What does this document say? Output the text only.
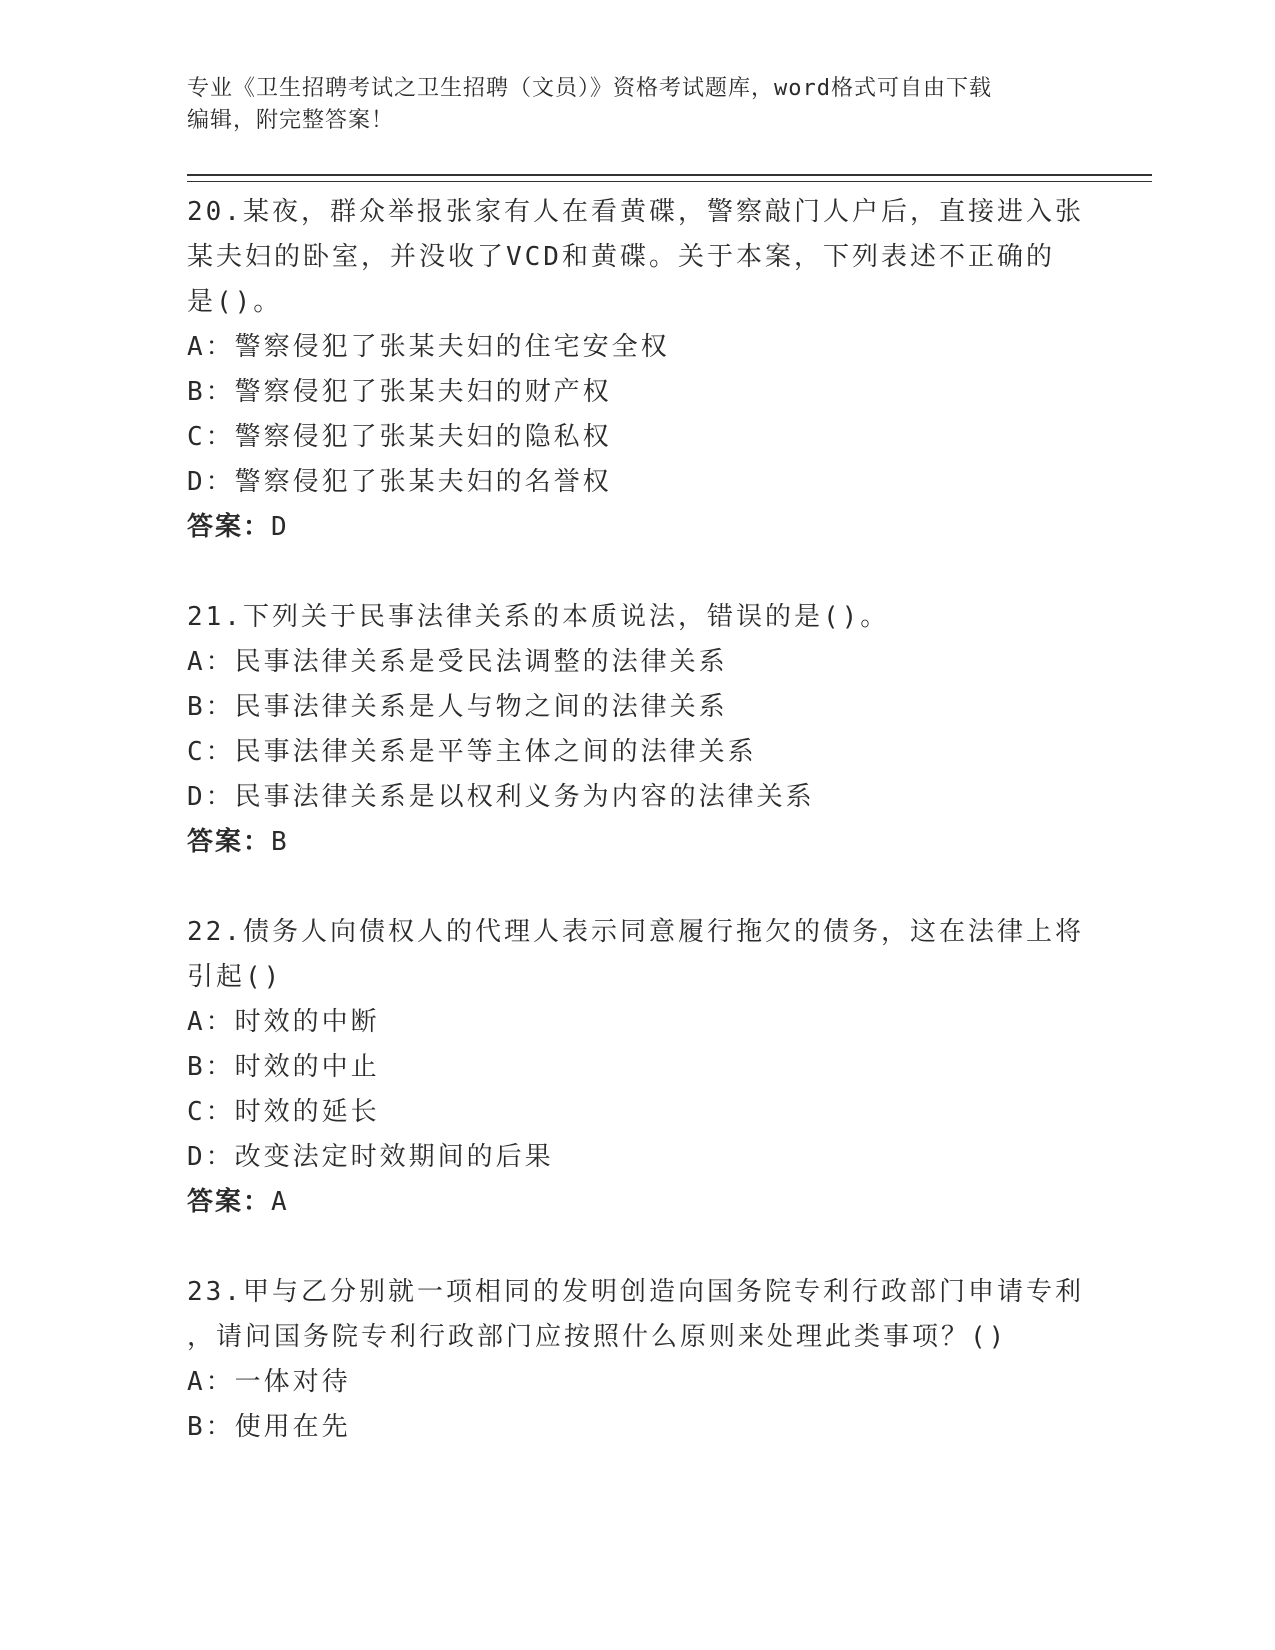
专业《卫生招聘考试之卫生招聘（文员）》资格考试题库，word格式可自由下载
编辑，附完整答案！

20.某夜，群众举报张家有人在看黄碟，警察敲门人户后，直接进入张

某夫妇的卧室，并没收了VCD和黄碟。关于本案，下列表述不正确的

是()。

A：警察侵犯了张某夫妇的住宅安全权

B：警察侵犯了张某夫妇的财产权

C：警察侵犯了张某夫妇的隐私权

D：警察侵犯了张某夫妇的名誉权

答案：D

21.下列关于民事法律关系的本质说法，错误的是()。

A：民事法律关系是受民法调整的法律关系

B：民事法律关系是人与物之间的法律关系

C：民事法律关系是平等主体之间的法律关系

D：民事法律关系是以权利义务为内容的法律关系

答案：B

22.债务人向债权人的代理人表示同意履行拖欠的债务，这在法律上将

引起()

A：时效的中断

B：时效的中止

C：时效的延长

D：改变法定时效期间的后果

答案：A

23.甲与乙分别就一项相同的发明创造向国务院专利行政部门申请专利

，请问国务院专利行政部门应按照什么原则来处理此类事项？()

A：一体对待

B：使用在先
